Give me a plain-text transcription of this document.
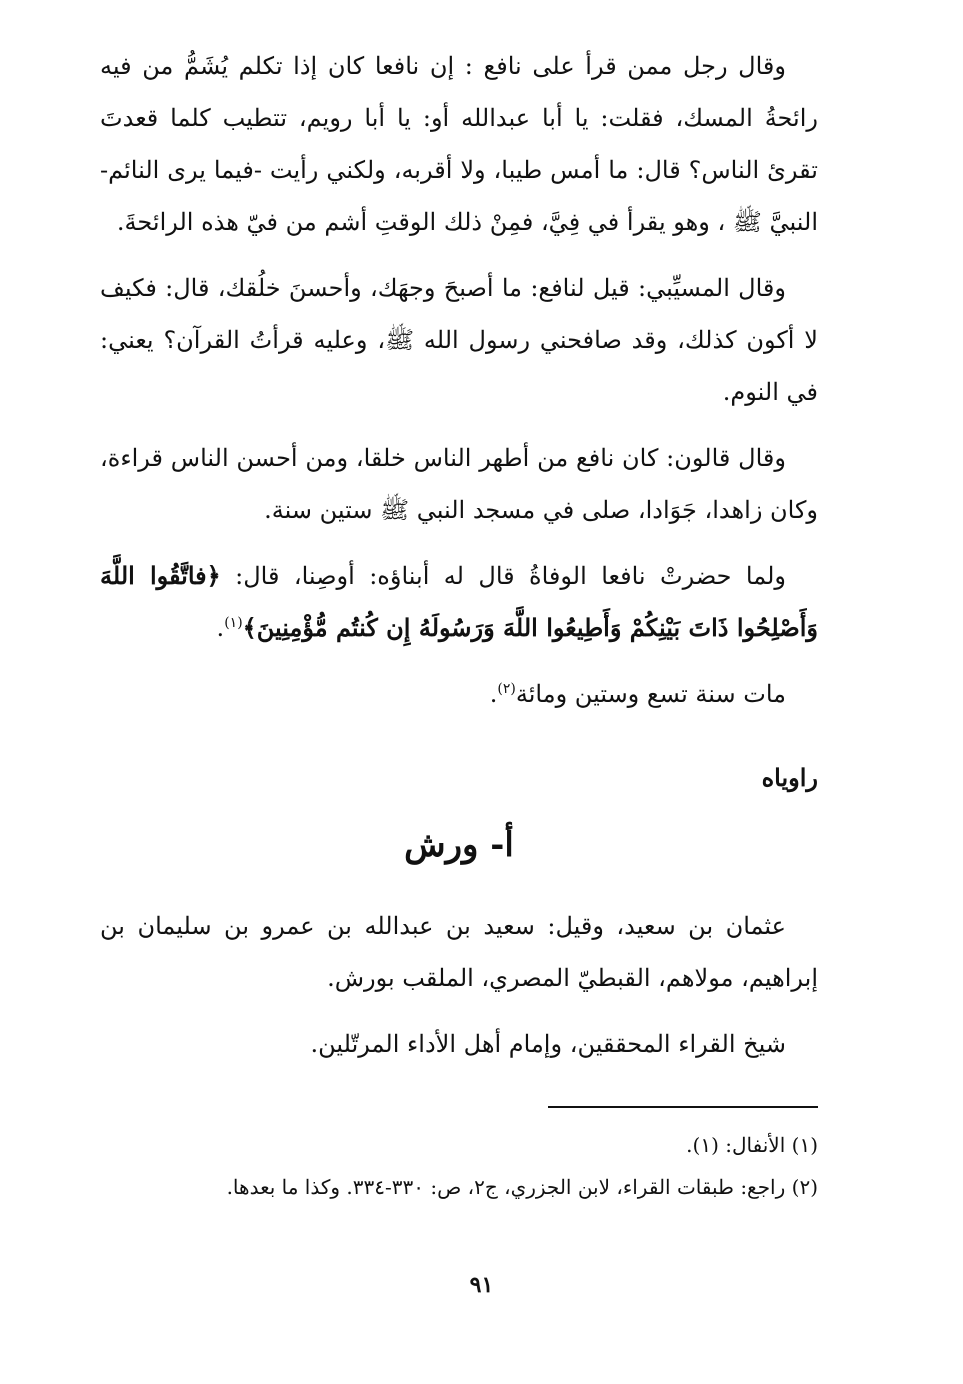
وقال رجل ممن قرأ على نافع : إن نافعا كان إذا تكلم يُشَمُّ من فيه رائحةُ المسك، فقلت: يا أبا عبدالله أو: يا أبا رويم، تتطيب كلما قعدتَ تقرئ الناس؟ قال: ما أمس طيبا، ولا أقربه، ولكني رأيت -فيما يرى النائم- النبيَّ ﷺ ، وهو يقرأ في فِيَّ، فمِنْ ذلك الوقتِ أشم من فيّ هذه الرائحةَ.

وقال المسيِّبي: قيل لنافع: ما أصبحَ وجهَك، وأحسنَ خلُقك، قال: فكيف لا أكون كذلك، وقد صافحني رسول الله ﷺ، وعليه قرأتُ القرآن؟ يعني: في النوم.

وقال قالون: كان نافع من أطهر الناس خلقا، ومن أحسن الناس قراءة، وكان زاهدا، جَوَادا، صلى في مسجد النبي ﷺ ستين سنة.

ولما حضرتْ نافعا الوفاةُ قال له أبناؤه: أوصِنا، قال: ﴿فاتَّقُوا اللَّهَ وَأَصْلِحُوا ذَاتَ بَيْنِكُمْ وَأَطِيعُوا اللَّهَ وَرَسُولَهُ إِن كُنتُم مُّؤْمِنِينَ﴾$^{(١)}$.

مات سنة تسع وستين ومائة$^{(٢)}$.

راوياه
أ- ورش

عثمان بن سعيد، وقيل: سعيد بن عبدالله بن عمرو بن سليمان بن إبراهيم، مولاهم، القبطيّ المصري، الملقب بورش.

شيخ القراء المحققين، وإمام أهل الأداء المرتّلين.

(١) الأنفال: (١).

(٢) راجع: طبقات القراء، لابن الجزري، ج٢، ص: ٣٣٠-٣٣٤. وكذا ما بعدها.

٩١
